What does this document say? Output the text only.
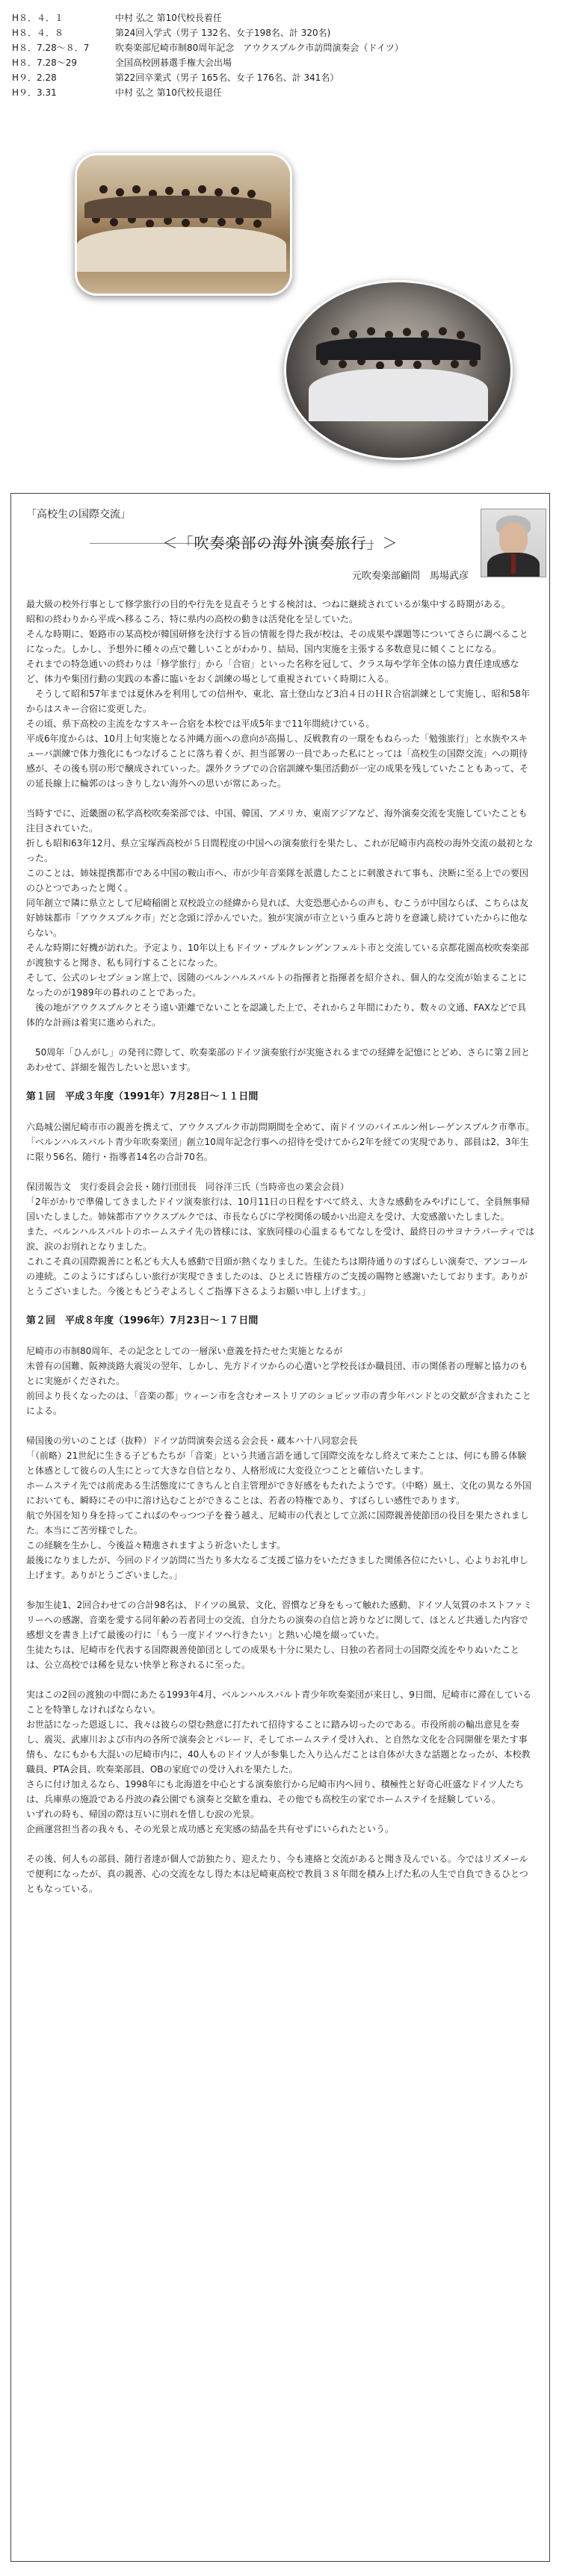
H８．４．１	中村 弘之 第10代校長着任
H８．４．８	第24回入学式（男子 132名、女子198名、計 320名)
H８．7.28～８．7	吹奏楽部尼崎市制80周年記念　アウクスブルク市訪問演奏会（ドイツ）
H８．7.28～29	全国高校囲碁選手権大会出場
H９．2.28	第22回卒業式（男子 165名、女子 176名、計 341名）
H９．3.31	中村 弘之 第10代校長退任
「高校生の国際交流」
＜「吹奏楽部の海外演奏旅行」＞
元吹奏楽部顧問　馬場武彦

最大級の校外行事として修学旅行の目的や行先を見直そうとする検討は、つねに継続されているが集中する時期がある。
昭和の終わりから平成へ移るころ、特に県内の高校の動きは活発化を呈していた。
そんな時期に、姫路市の某高校が韓国研修を決行する旨の情報を得た我が校は、その成果や課題等についてさらに調べることになった。しかし、予想外に種々の点で難しいことがわかり、結局、国内実施を主張する多数意見に傾くことになる。
それまでの特急通いの終わりは「修学旅行」から「合宿」といった名称を冠して、クラス毎や学年全体の協力責任達成感など、体力や集団行動の実践の本番に臨いをおく訓練の場として重視されていく時期に入る。
　そうして昭和57年までは夏休みを利用しての信州や、東北、富士登山など3泊４日のＨＲ合宿訓練として実施し、昭和58年からはスキー合宿に変更した。
その頃、県下高校の主流をなすスキー合宿を本校では平成5年まで11年間続けている。
平成6年度からは、10月上旬実施となる沖縄方面への意向が高揚し、反戦教育の一環をもねらった「勉強旅行」と水族やスキューバ訓練で体力強化にもつなげることに落ち着くが、担当部署の一員であった私にとっては「高校生の国際交流」への期待感が、その後も別の形で醸成されていった。課外クラブでの合宿訓練や集団活動が一定の成果を残していたこともあって、その延長線上に輪郭のはっきりしない海外への思いが常にあった。

当時すでに、近畿圏の私学高校吹奏楽部では、中国、韓国、アメリカ、東南アジアなど、海外演奏交流を実施していたことも注目されていた。
折しも昭和63年12月、県立宝塚西高校が５日間程度の中国への演奏旅行を果たし、これが尼崎市内高校の海外交流の最初となった。
このことは、姉妹提携都市である中国の鞍山市へ、市が少年音楽隊を派遣したことに刺激されて事も、決断に至る上での要因のひとつであったと聞く。
同年創立で隣に県立として尼崎稲園と双校設立の経緯から見れば、大変恐悪心からの声も、むこうが中国ならば、こちらは友好姉妹都市「アウクスブルク市」だと念頭に浮かんでいた。独が実演が市立という重みと誇りを意識し続けていたからに他ならない。
そんな時期に好機が訪れた。予定より、10年以上もドイツ・ブルクレンゲンフェルト市と交流している京都花園高校吹奏楽部が渡独すると聞き、私も同行することになった。
そして、公式のレセプション席上で、図随のベルンハルスバルトの指揮者と指揮者を紹介され、個人的な交流が始まることになったのが1989年の暮れのことであった。
　後の地がアウクスブルクとそう遠い距離でないことを認識した上で、それから２年間にわたり、数々の文通、FAXなどで具体的な計画は着実に進められた。

　50周年「ひんがし」の発刊に際して、吹奏楽部のドイツ演奏旅行が実施されるまでの経緯を記憶にとどめ、さらに第２回とあわせて、詳細を報告したいと思います。

第１回　平成３年度（1991年）7月28日～１１日間

六島城公園尼崎市市の親善を携えて、アウクスブルク市訪問期間を全めて、南ドイツのバイエルン州レーゲンスブルク市準市。
「ベルンハルスバルト青少年吹奏楽団」創立10周年記念行事への招待を受けてから2年を経ての実現であり、部員は2、3年生に限り56名、随行・指導者14名の合計70名。

保団報告文　実行委員会会長・随行団団長　同谷洋三氏（当時帝也の業会会員）
「2年がかりで準備してきましたドイツ演奏旅行は、10月11日の日程をすべて終え、大きな感動をみやげにして、全員無事帰国いたしました。姉妹都市アウクスブルクでは、市長ならびに学校関係の暖かい出迎えを受け、大変感激いたしました。
また、ベルンハルスバルトのホームステイ先の皆様には、家族同様の心温まるもてなしを受け、最終日のサヨナラパーティでは涙、涙のお別れとなりました。
これこそ真の国際親善にと私ども大人も感動で目頭が熱くなりました。生徒たちは期待通りのすばらしい演奏で、アンコールの連続。このようにすばらしい旅行が実現できましたのは、ひとえに皆様方のご支援の賜物と感謝いたしております。ありがとうございました。今後ともどうぞよろしくご指導下さるようお願い申し上げます。」

第２回　平成８年度（1996年）7月23日～１７日間

尼崎市の市制80周年、その記念としての一層深い意義を持たせた実施となるが
未曾有の国難、阪神淡路大震災の翌年、しかし、先方ドイツからの心遣いと学校長ほか職員団、市の関係者の理解と協力のもとに実施がくだされた。
前回より長くなったのは、「音楽の都」ウィーン市を含むオーストリアのショピッツ市の青少年バンドとの交歓が含まれたことによる。

帰国後の労いのことば（抜粋）ドイツ訪問演奏会送る会会長・蔵本ハ十八同窓会長
「（前略）21世紀に生きる子どもたちが「音楽」という共通言語を通して国際交流をなし終えて来たことは、何にも勝る体験と体感として彼らの人生にとって大きな自信となり、人格形成に大変役立つことと確信いたします。
ホームステイ先では前虎ある生活態度にてきちんと自主管理ができ好感をもたれたようです。（中略）風土、文化の異なる外国においても、瞬時にその中に溶け込むことができることは、若者の特権であり、すばらしい感性であります。
航で外国を知り身を持ってこればのやっつつ子を養う越え、尼崎市の代表として立派に国際親善使節団の役目を果たされました。本当にご苦労様でした。
この経験を生かし、今後益々精進されますよう祈念いたします。
最後になりましたが、今回のドイツ訪問に当たり多大なるご支援ご協力をいただきました関係各位にたいし、心よりお礼申し上げます。ありがとうございました。」

参加生徒1、2回合わせての合計98名は、ドイツの風景、文化、習慣など身をもって触れた感動、ドイツ人気質のホストファミリーへの感謝、音楽を愛する同年齢の若者同士の交流、自分たちの演奏の自信と誇りなどに関して、ほとんど共通した内容で感想文を書き上げて最後の行に「もう一度ドイツへ行きたい」と熱い心境を綴っていた。
生徒たちは、尼崎市を代表する国際親善使節団としての成果も十分に果たし、日独の若者同士の国際交流をやりぬいたことは、公立高校では稀を見ない快挙と称されるに至った。

実はこの2回の渡独の中間にあたる1993年4月、ベルンハルスバルト青少年吹奏楽団が来日し、9日間、尼崎市に滞在していることを特筆しなければならない。
お世話になった恩返しに、我々は彼らの望む熱意に打たれて招待することに踏み切ったのである。市役所前の輸出意見を奏し、震災、武庫川および市内の各所で演奏会とパレード、そしてホームステイ受け入れ、と自然な文化を合同開催を果たす事情も、なにもかも大混いの尼崎市内に、40人ものドイツ人が参集した入り込んだことは自体が大きな話題となったが、本校教職員、PTA会員、吹奏楽部員、OBの家庭での受け入れを果たした。
さらに付け加えるなら、1998年にも北海道を中心とする演奏旅行から尼崎市内へ回り、積極性と好奇心旺盛なドイツ人たちは、兵庫県の施設である丹波の森公園でも演奏と交歓を重ね、その他でも高校生の家でホームステイを経験している。
いずれの時も、帰国の際は互いに別れを惜しむ涙の光景。
企画運営担当者の我々も、その光景と成功感と充実感の結晶を共有せずにいられたという。

その後、何人もの部員、随行者達が個人で訪独たり、迎えたり、今も連絡と交流があると聞き及んでいる。今ではリズメールで便利になったが、真の親善、心の交流をなし得た本は尼崎東高校で教員３８年間を積み上げた私の人生で自負できるひとつともなっている。
